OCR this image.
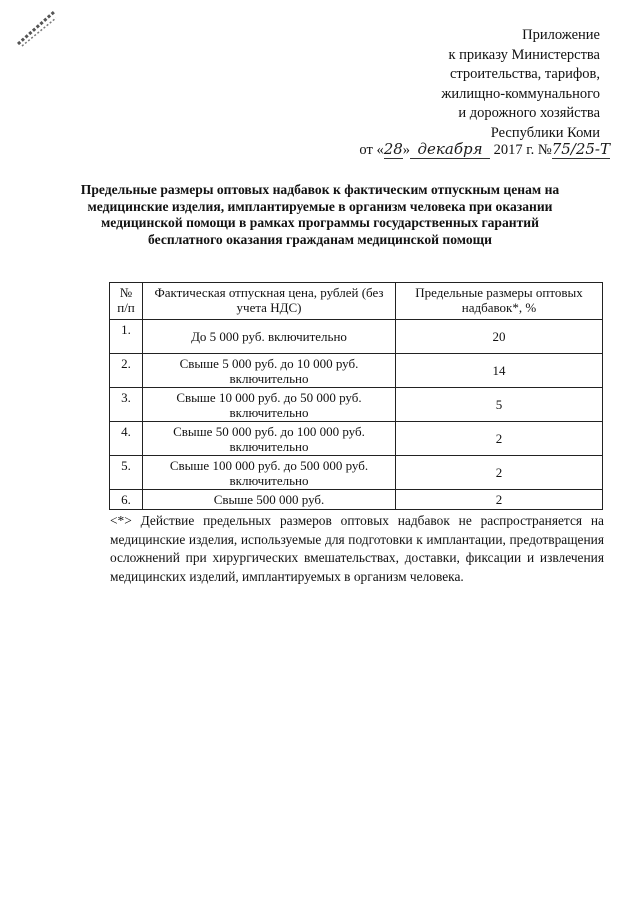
Приложение
к приказу Министерства
строительства, тарифов,
жилищно-коммунального
и дорожного хозяйства
Республики Коми
от «28» декабря 2017 г. №75/25-Т
Предельные размеры оптовых надбавок к фактическим отпускным ценам на медицинские изделия, имплантируемые в организм человека при оказании медицинской помощи в рамках программы государственных гарантий бесплатного оказания гражданам медицинской помощи
№ п/п	Фактическая отпускная цена, рублей (без учета НДС)	Предельные размеры оптовых надбавок*, %
1.	До 5 000 руб. включительно	20
2.	Свыше 5 000 руб. до 10 000 руб. включительно	14
3.	Свыше 10 000 руб. до 50 000 руб. включительно	5
4.	Свыше 50 000 руб. до 100 000 руб. включительно	2
5.	Свыше 100 000 руб. до 500 000 руб. включительно	2
6.	Свыше 500 000 руб.	2
<*> Действие предельных размеров оптовых надбавок не распространяется на медицинские изделия, используемые для подготовки к имплантации, предотвращения осложнений при хирургических вмешательствах, доставки, фиксации и извлечения медицинских изделий, имплантируемых в организм человека.
